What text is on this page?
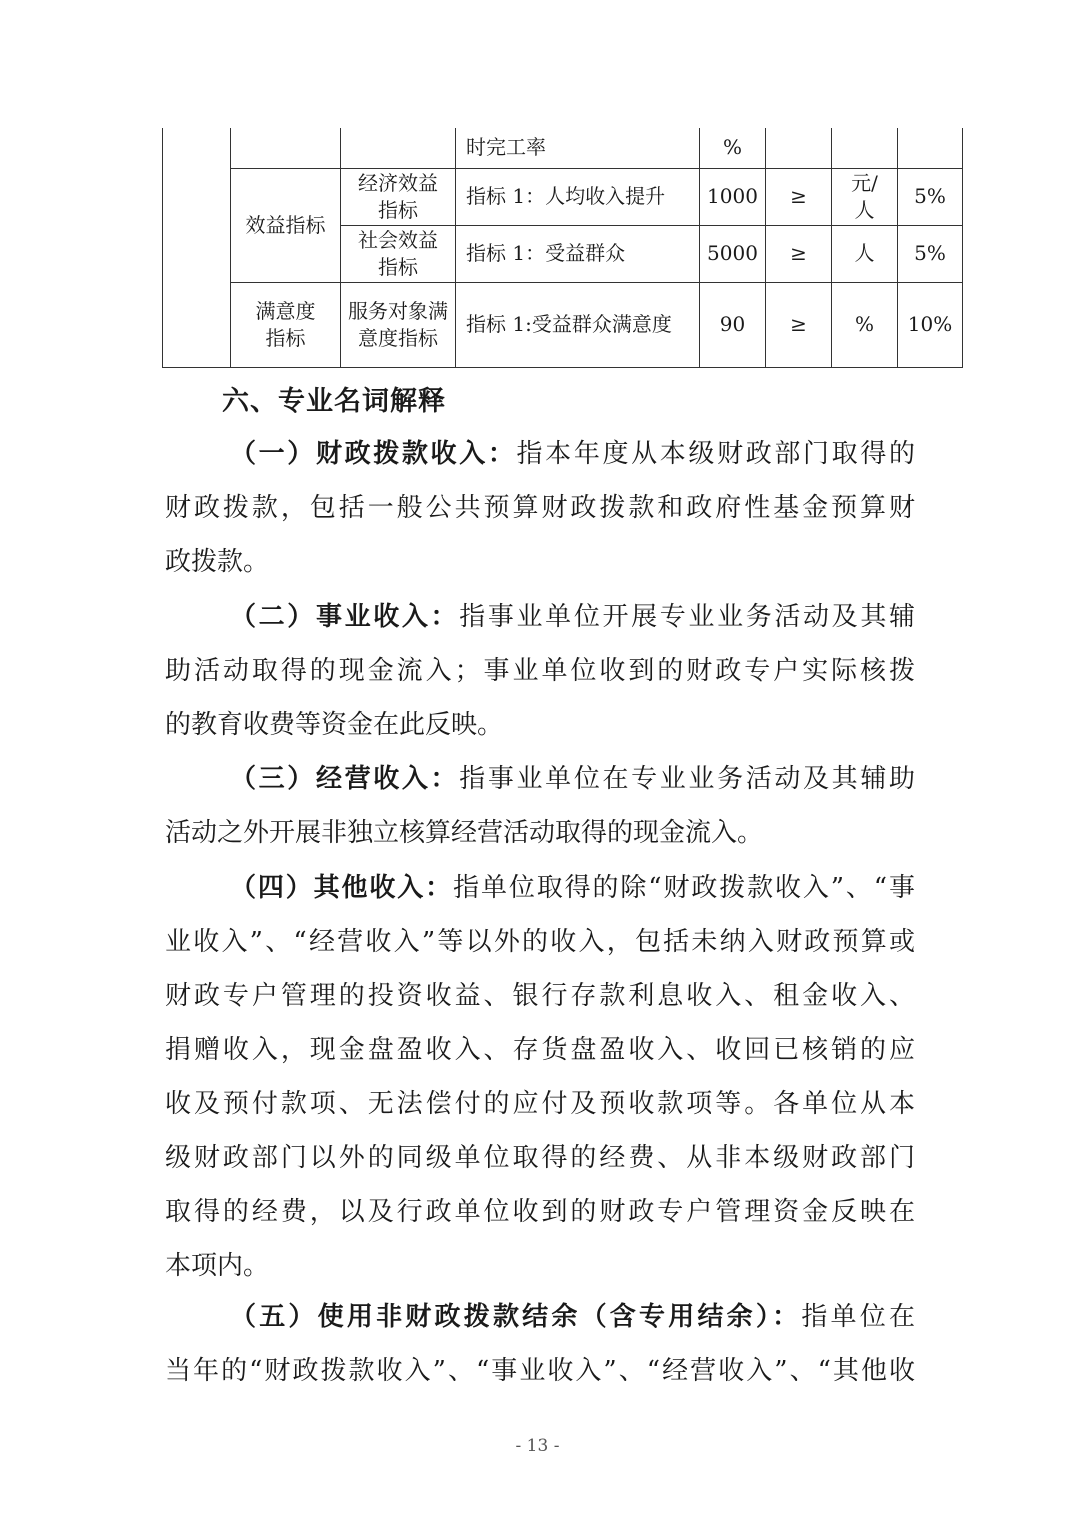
			时完工率	%			
	效益指标	经济效益指标	指标 1：人均收入提升	1000	≥	元/人	5%
		社会效益指标	指标 1：受益群众	5000	≥	人	5%
	满意度指标	服务对象满意度指标	指标 1:受益群众满意度	90	≥	%	10%
六、专业名词解释
（一）财政拨款收入：指本年度从本级财政部门取得的
财政拨款，包括一般公共预算财政拨款和政府性基金预算财
政拨款。
（二）事业收入：指事业单位开展专业业务活动及其辅
助活动取得的现金流入；事业单位收到的财政专户实际核拨
的教育收费等资金在此反映。
（三）经营收入：指事业单位在专业业务活动及其辅助
活动之外开展非独立核算经营活动取得的现金流入。
（四）其他收入：指单位取得的除“财政拨款收入”、“事
业收入”、“经营收入”等以外的收入，包括未纳入财政预算或
财政专户管理的投资收益、银行存款利息收入、租金收入、
捐赠收入，现金盘盈收入、存货盘盈收入、收回已核销的应
收及预付款项、无法偿付的应付及预收款项等。各单位从本
级财政部门以外的同级单位取得的经费、从非本级财政部门
取得的经费，以及行政单位收到的财政专户管理资金反映在
本项内。
（五）使用非财政拨款结余（含专用结余）：指单位在
当年的“财政拨款收入”、“事业收入”、“经营收入”、“其他收
- 13 -
